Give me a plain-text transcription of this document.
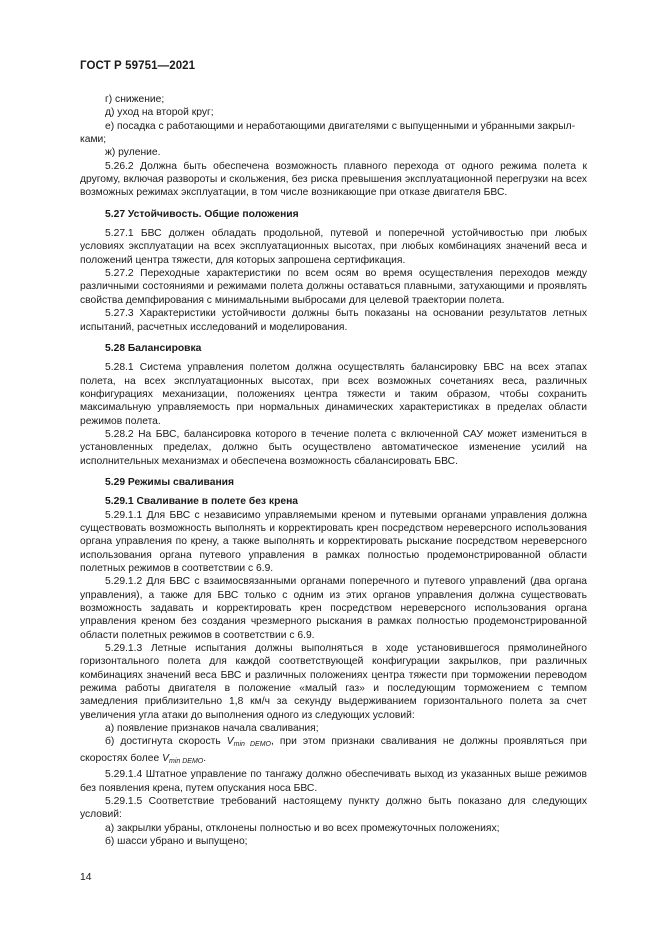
ГОСТ Р 59751—2021

г) снижение;

д) уход на второй круг;

е) посадка с работающими и неработающими двигателями с выпущенными и убранными закрыл-

ками;

ж) руление.

5.26.2 Должна быть обеспечена возможность плавного перехода от одного режима полета к другому, включая развороты и скольжения, без риска превышения эксплуатационной перегрузки на всех возможных режимах эксплуатации, в том числе возникающие при отказе двигателя БВС.

5.27 Устойчивость. Общие положения

5.27.1 БВС должен обладать продольной, путевой и поперечной устойчивостью при любых условиях эксплуатации на всех эксплуатационных высотах, при любых комбинациях значений веса и положений центра тяжести, для которых запрошена сертификация.

5.27.2 Переходные характеристики по всем осям во время осуществления переходов между различными состояниями и режимами полета должны оставаться плавными, затухающими и проявлять свойства демпфирования с минимальными выбросами для целевой траектории полета.

5.27.3 Характеристики устойчивости должны быть показаны на основании результатов летных испытаний, расчетных исследований и моделирования.

5.28 Балансировка

5.28.1 Система управления полетом должна осуществлять балансировку БВС на всех этапах полета, на всех эксплуатационных высотах, при всех возможных сочетаниях веса, различных конфигурациях механизации, положениях центра тяжести и таким образом, чтобы сохранить максимальную управляемость при нормальных динамических характеристиках в пределах области режимов полета.

5.28.2 На БВС, балансировка которого в течение полета с включенной САУ может измениться в установленных пределах, должно быть осуществлено автоматическое изменение усилий на исполнительных механизмах и обеспечена возможность сбалансировать БВС.

5.29 Режимы сваливания
5.29.1 Сваливание в полете без крена

5.29.1.1 Для БВС с независимо управляемыми креном и путевыми органами управления должна существовать возможность выполнять и корректировать крен посредством нереверсного использования органа управления по крену, а также выполнять и корректировать рыскание посредством нереверсного использования органа путевого управления в рамках полностью продемонстрированной области полетных режимов в соответствии с 6.9.

5.29.1.2 Для БВС с взаимосвязанными органами поперечного и путевого управлений (два органа управления), а также для БВС только с одним из этих органов управления должна существовать возможность задавать и корректировать крен посредством нереверсного использования органа управления креном без создания чрезмерного рыскания в рамках полностью продемонстрированной области полетных режимов в соответствии с 6.9.

5.29.1.3 Летные испытания должны выполняться в ходе установившегося прямолинейного горизонтального полета для каждой соответствующей конфигурации закрылков, при различных комбинациях значений веса БВС и различных положениях центра тяжести при торможении переводом режима работы двигателя в положение «малый газ» и последующим торможением с темпом замедления приблизительно 1,8 км/ч за секунду выдерживанием горизонтального полета за счет увеличения угла атаки до выполнения одного из следующих условий:

а) появление признаков начала сваливания;

б) достигнута скорость $V_{min DEMO}$, при этом признаки сваливания не должны проявляться при скоростях более $V_{min DEMO}$.

5.29.1.4 Штатное управление по тангажу должно обеспечивать выход из указанных выше режимов без появления крена, путем опускания носа БВС.

5.29.1.5 Соответствие требований настоящему пункту должно быть показано для следующих условий:

а) закрылки убраны, отклонены полностью и во всех промежуточных положениях;

б) шасси убрано и выпущено;

14
